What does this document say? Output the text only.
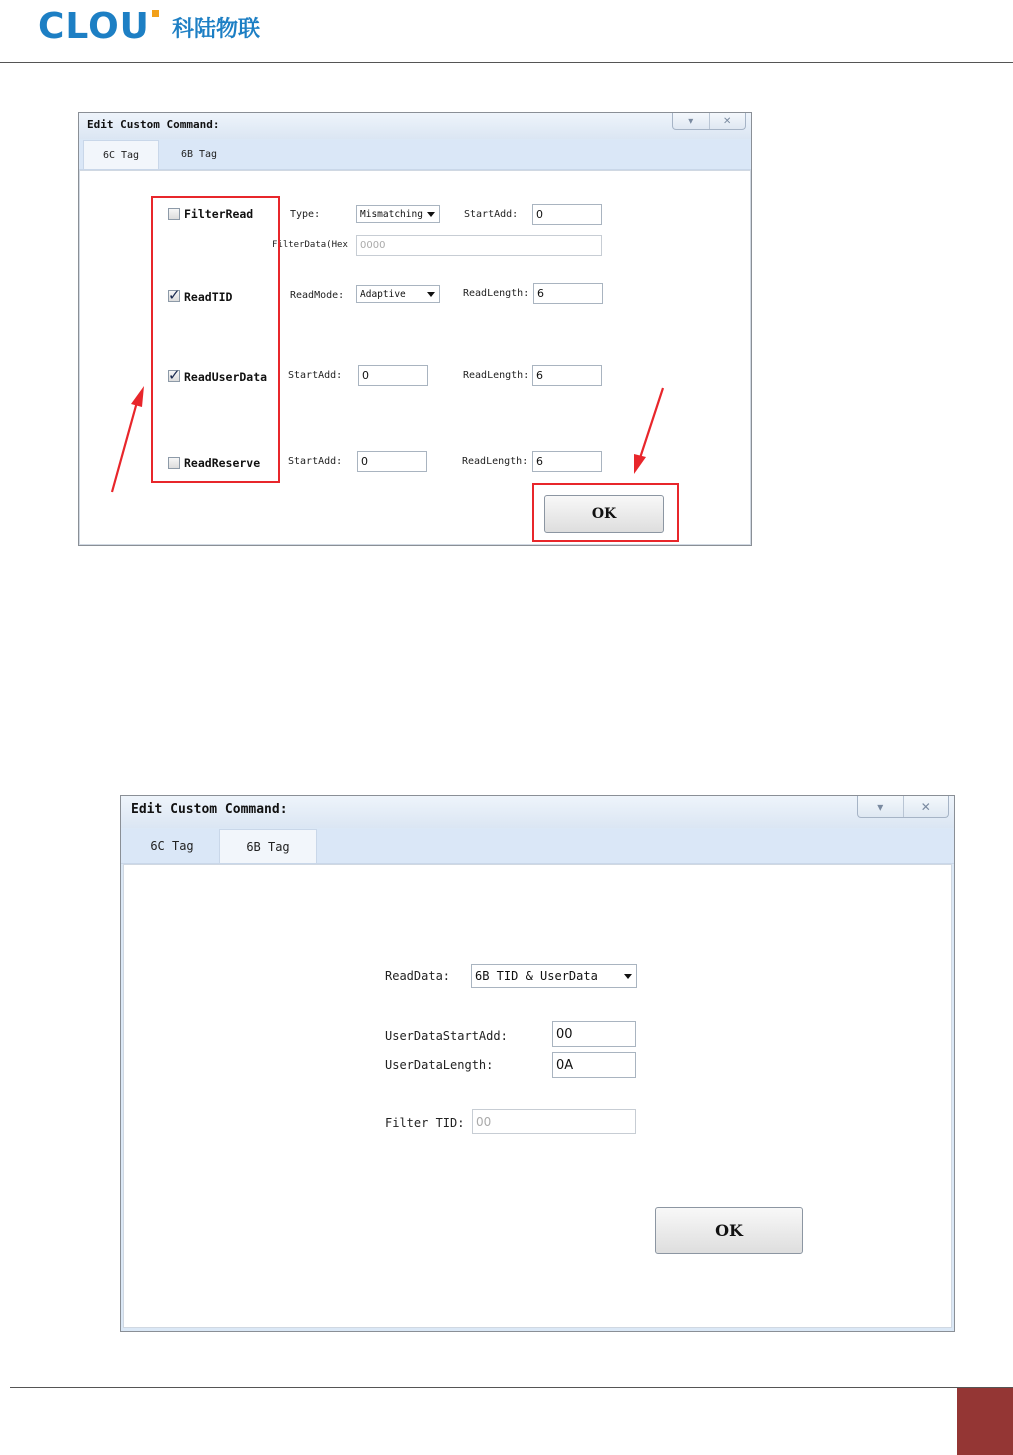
CLOU 科陆物联
Edit Custom Command:	▾	✕
6C Tag	6B Tag
FilterRead	Type:	Mismatching	StartAdd:	0
FilterData(Hex	0000
✓ ReadTID	ReadMode: Adaptive	ReadLength: 6
✓ ReadUserData StartAdd:	0	ReadLength: 6
ReadReserve	StartAdd:	0	ReadLength: 6
OK
Edit Custom Command:	▾	✕
6C Tag	6B Tag
ReadData: 6B TID & UserData
UserDataStartAdd:	00
UserDataLength:	0A
Filter TID: 00
OK
